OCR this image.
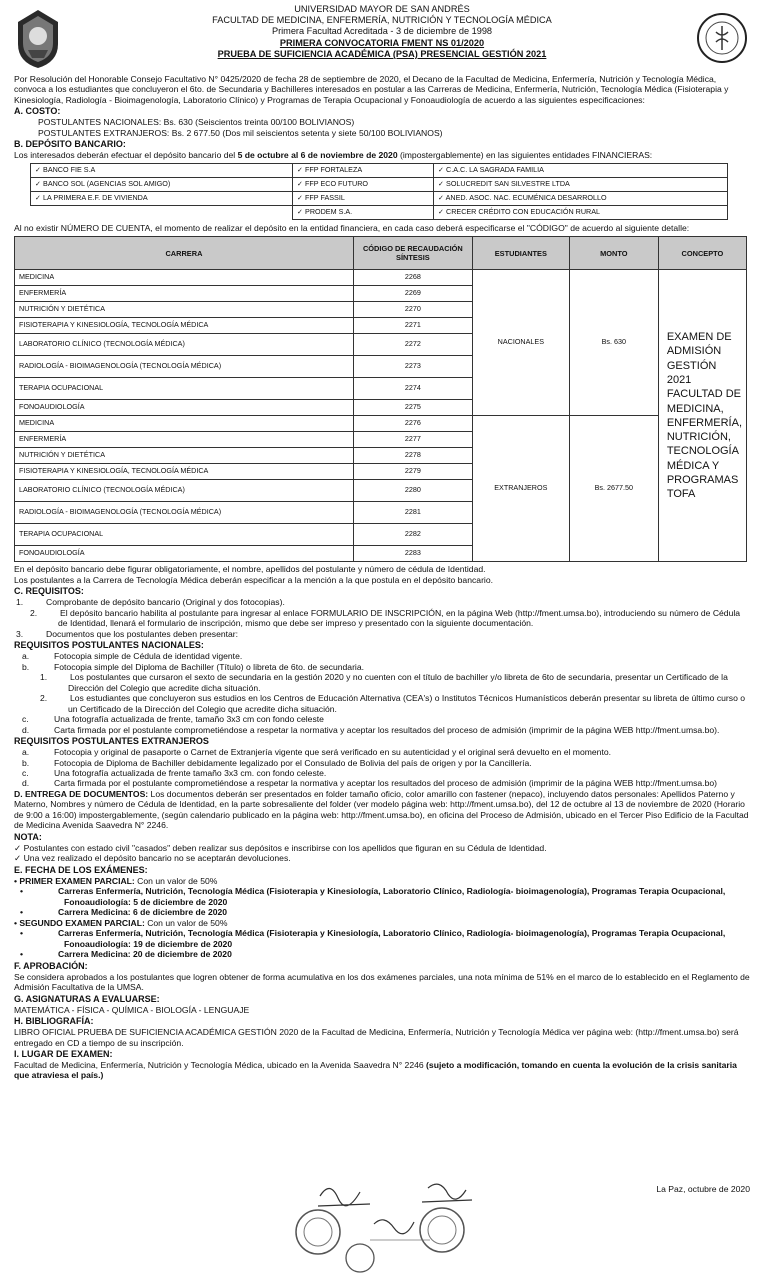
UNIVERSIDAD MAYOR DE SAN ANDRÉS
FACULTAD DE MEDICINA, ENFERMERÍA, NUTRICIÓN Y TECNOLOGÍA MÉDICA
Primera Facultad Acreditada - 3 de diciembre de 1998
PRIMERA CONVOCATORIA FMENT NS 01/2020
PRUEBA DE SUFICIENCIA ACADÉMICA (PSA) PRESENCIAL GESTIÓN 2021

Por Resolución del Honorable Consejo Facultativo N° 0425/2020 de fecha 28 de septiembre de 2020, el Decano de la Facultad de Medicina, Enfermería, Nutrición y Tecnología Médica, convoca a los estudiantes que concluyeron el 6to. de Secundaria y Bachilleres interesados en postular a las Carreras de Medicina, Enfermería, Nutrición, Tecnología Médica (Fisioterapia y Kinesiología, Radiología - Bioimagenología, Laboratorio Clínico) y Programas de Terapia Ocupacional y Fonoaudiología de acuerdo a las siguientes especificaciones:

A. COSTO:

POSTULANTES NACIONALES: Bs. 630 (Seiscientos treinta 00/100 BOLIVIANOS)

POSTULANTES EXTRANJEROS: Bs. 2 677.50 (Dos mil seiscientos setenta y siete 50/100 BOLIVIANOS)

B. DEPÓSITO BANCARIO:

Los interesados deberán efectuar el depósito bancario del 5 de octubre al 6 de noviembre de 2020 (impostergablemente) en las siguientes entidades FINANCIERAS:

✓ BANCO FIE S.A	✓ FFP FORTALEZA	✓ C.A.C. LA SAGRADA FAMILIA
✓ BANCO SOL (AGENCIAS SOL AMIGO)	✓ FFP ECO FUTURO	✓ SOLUCREDIT SAN SILVESTRE LTDA
✓ LA PRIMERA E.F. DE VIVIENDA	✓ FFP FASSIL	✓ ANED. ASOC. NAC. ECUMÉNICA DESARROLLO
	✓ PRODEM S.A.	✓ CRECER CRÉDITO CON EDUCACIÓN RURAL

Al no existir NÚMERO DE CUENTA, el momento de realizar el depósito en la entidad financiera, en cada caso deberá especificarse el "CÓDIGO" de acuerdo al siguiente detalle:

CARRERA	CÓDIGO DE RECAUDACIÓN SÍNTESIS	ESTUDIANTES	MONTO	CONCEPTO
MEDICINA	2268	NACIONALES	Bs. 630	EXAMEN DE ADMISIÓN GESTIÓN 2021 FACULTAD DE MEDICINA, ENFERMERÍA, NUTRICIÓN, TECNOLOGÍA MÉDICA Y PROGRAMAS TOFA
ENFERMERÍA	2269			
NUTRICIÓN Y DIETÉTICA	2270			
FISIOTERAPIA Y KINESIOLOGÍA, TECNOLOGÍA MÉDICA	2271			
LABORATORIO CLÍNICO (TECNOLOGÍA MÉDICA)	2272			
RADIOLOGÍA - BIOIMAGENOLOGÍA (TECNOLOGÍA MÉDICA)	2273			
TERAPIA OCUPACIONAL	2274			
FONOAUDIOLOGÍA	2275			
MEDICINA	2276	EXTRANJEROS	Bs. 2677.50	
ENFERMERÍA	2277			
NUTRICIÓN Y DIETÉTICA	2278			
FISIOTERAPIA Y KINESIOLOGÍA, TECNOLOGÍA MÉDICA	2279			
LABORATORIO CLÍNICO (TECNOLOGÍA MÉDICA)	2280			
RADIOLOGÍA - BIOIMAGENOLOGÍA (TECNOLOGÍA MÉDICA)	2281			
TERAPIA OCUPACIONAL	2282			
FONOAUDIOLOGÍA	2283			

En el depósito bancario debe figurar obligatoriamente, el nombre, apellidos del postulante y número de cédula de Identidad.

Los postulantes a la Carrera de Tecnología Médica deberán especificar a la mención a la que postula en el depósito bancario.

C. REQUISITOS:

1.	Comprobante de depósito bancario (Original y dos fotocopias).

2.	El depósito bancario habilita al postulante para ingresar al enlace FORMULARIO DE INSCRIPCIÓN, en la página Web (http://fment.umsa.bo), introduciendo su número de Cédula de Identidad, llenará el formulario de inscripción, mismo que debe ser impreso y presentado con la siguiente documentación.

3.	Documentos que los postulantes deben presentar:

REQUISITOS POSTULANTES NACIONALES:

a.	Fotocopia simple de Cédula de identidad vigente.

b.	Fotocopia simple del Diploma de Bachiller (Título) o libreta de 6to. de secundaria.

1.	Los postulantes que cursaron el sexto de secundaria en la gestión 2020 y no cuenten con el título de bachiller y/o libreta de 6to de secundaria, presentar un Certificado de la Dirección del Colegio que acredite dicha situación.

2.	Los estudiantes que concluyeron sus estudios en los Centros de Educación Alternativa (CEA's) o Institutos Técnicos Humanísticos deberán presentar su libreta de último curso o un Certificado de la Dirección del Colegio que acredite dicha situación.

c.	Una fotografía actualizada de frente, tamaño 3x3 cm con fondo celeste

d.	Carta firmada por el postulante comprometiéndose a respetar la normativa y aceptar los resultados del proceso de admisión (imprimir de la página WEB http://fment.umsa.bo).

REQUISITOS POSTULANTES EXTRANJEROS

a.	Fotocopia y original de pasaporte o Carnet de Extranjería vigente que será verificado en su autenticidad y el original será devuelto en el momento.

b.	Fotocopia de Diploma de Bachiller debidamente legalizado por el Consulado de Bolivia del país de origen y por la Cancillería.

c.	Una fotografía actualizada de frente tamaño 3x3 cm. con fondo celeste.

d.	Carta firmada por el postulante comprometiéndose a respetar la normativa y aceptar los resultados del proceso de admisión (imprimir de la página WEB http://fment.umsa.bo)

D. ENTREGA DE DOCUMENTOS: Los documentos deberán ser presentados en folder tamaño oficio, color amarillo con fastener (nepaco), incluyendo datos personales: Apellidos Paterno y Materno, Nombres y número de Cédula de Identidad, en la parte sobresaliente del folder (ver modelo página web: http://fment.umsa.bo), del 12 de octubre al 13 de noviembre de 2020 (Horario de 9:00 a 16:00) impostergablemente, (según calendario publicado en la página web: http://fment.umsa.bo), en oficina del Proceso de Admisión, ubicado en el Tercer Piso Edificio de la Facultad de Medicina Avenida Saavedra N° 2246.

NOTA:

✓ Postulantes con estado civil "casados" deben realizar sus depósitos e inscribirse con los apellidos que figuran en su Cédula de Identidad.

✓ Una vez realizado el depósito bancario no se aceptarán devoluciones.

E. FECHA DE LOS EXÁMENES:

• PRIMER EXAMEN PARCIAL: Con un valor de 50%

•	Carreras Enfermería, Nutrición, Tecnología Médica (Fisioterapia y Kinesiología, Laboratorio Clínico, Radiología- bioimagenología), Programas Terapia Ocupacional, Fonoaudiología: 5 de diciembre de 2020

•	Carrera Medicina: 6 de diciembre de 2020

• SEGUNDO EXAMEN PARCIAL: Con un valor de 50%

•	Carreras Enfermería, Nutrición, Tecnología Médica (Fisioterapia y Kinesiología, Laboratorio Clínico, Radiología- bioimagenología), Programas Terapia Ocupacional, Fonoaudiología: 19 de diciembre de 2020

•	Carrera Medicina: 20 de diciembre de 2020

F. APROBACIÓN:

Se considera aprobados a los postulantes que logren obtener de forma acumulativa en los dos exámenes parciales, una nota mínima de 51% en el marco de lo establecido en el Reglamento de Admisión Facultativa de la UMSA.

G. ASIGNATURAS A EVALUARSE:

MATEMÁTICA - FÍSICA - QUÍMICA - BIOLOGÍA - LENGUAJE

H. BIBLIOGRAFÍA:

LIBRO OFICIAL PRUEBA DE SUFICIENCIA ACADÉMICA GESTIÓN 2020 de la Facultad de Medicina, Enfermería, Nutrición y Tecnología Médica ver página web: (http://fment.umsa.bo) será entregado en CD a tiempo de su inscripción.

I. LUGAR DE EXAMEN:

Facultad de Medicina, Enfermería, Nutrición y Tecnología Médica, ubicado en la Avenida Saavedra N° 2246 (sujeto a modificación, tomando en cuenta la evolución de la crisis sanitaria que atraviesa el país.)

La Paz, octubre de 2020
